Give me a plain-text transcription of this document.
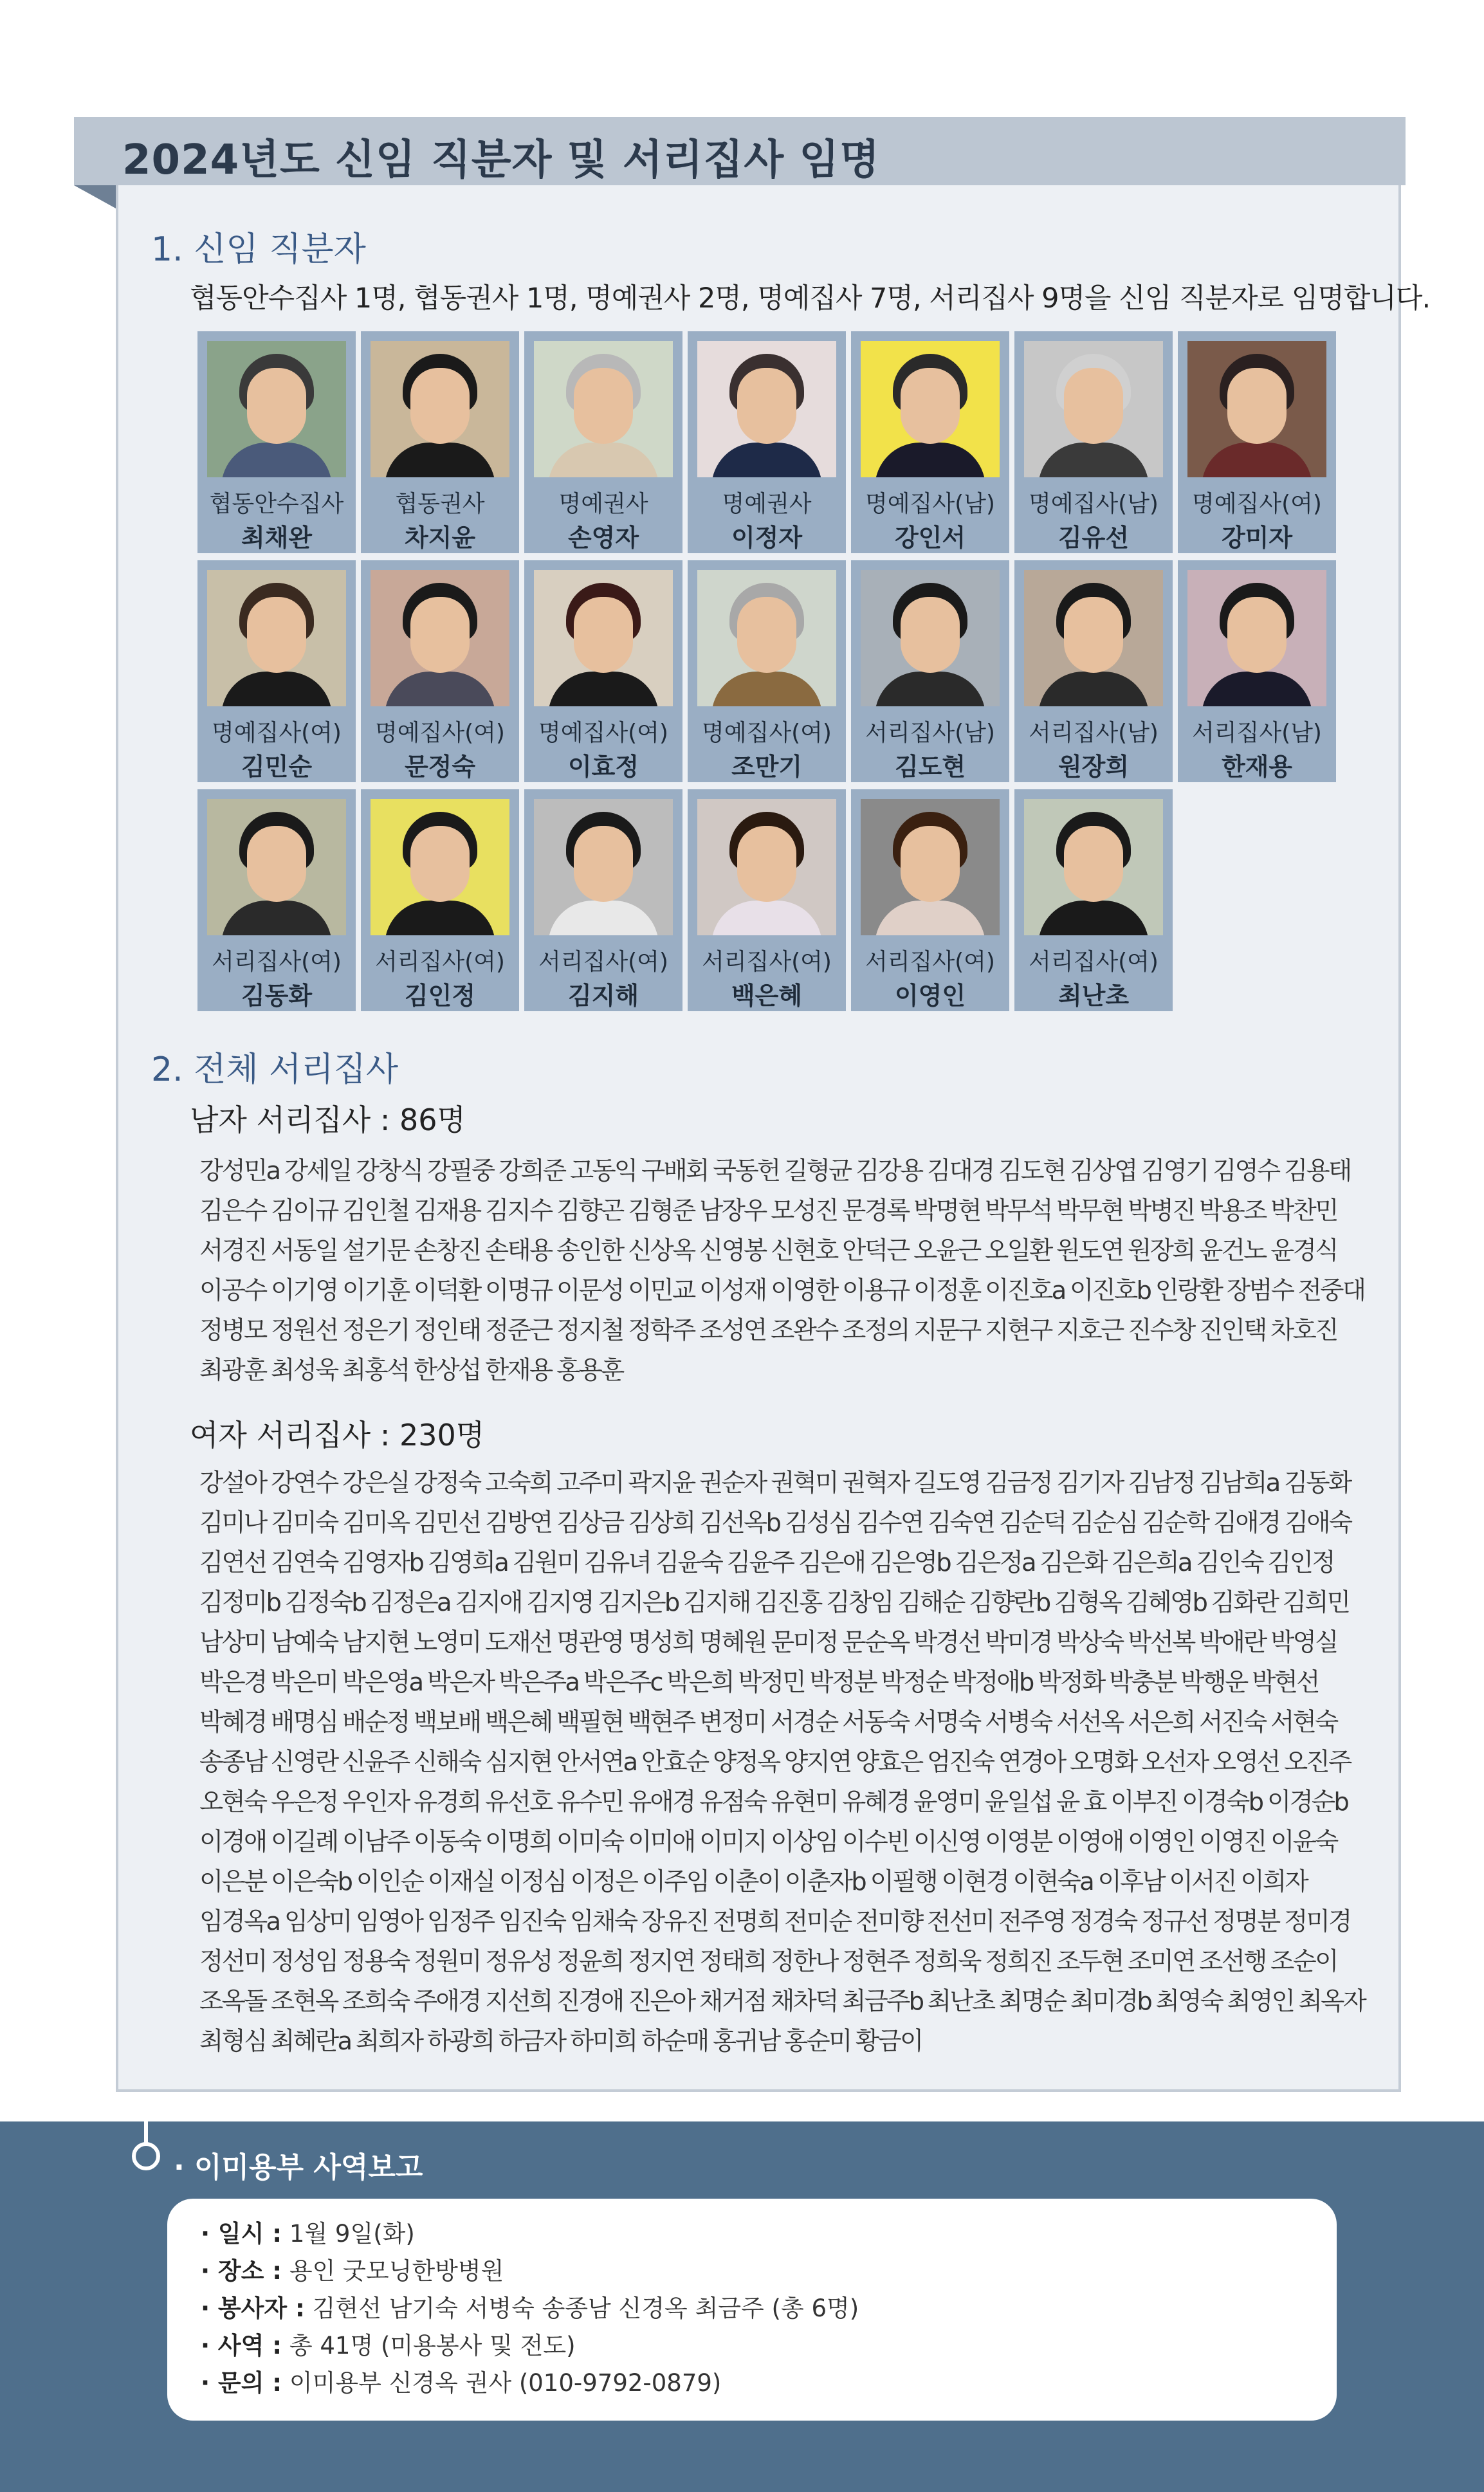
2024년도 신임 직분자 및 서리집사 임명
1. 신임 직분자
협동안수집사 1명, 협동권사 1명, 명예권사 2명, 명예집사 7명, 서리집사 9명을 신임 직분자로 임명합니다.
협동안수집사
최채완
협동권사
차지윤
명예권사
손영자
명예권사
이정자
명예집사(남)
강인서
명예집사(남)
김유선
명예집사(여)
강미자
명예집사(여)
김민순
명예집사(여)
문정숙
명예집사(여)
이효정
명예집사(여)
조만기
서리집사(남)
김도현
서리집사(남)
원장희
서리집사(남)
한재용
서리집사(여)
김동화
서리집사(여)
김인정
서리집사(여)
김지해
서리집사(여)
백은혜
서리집사(여)
이영인
서리집사(여)
최난초
2. 전체 서리집사
남자 서리집사 : 86명
강성민a 강세일 강창식 강필중 강희준 고동익 구배회 국동헌 길형균 김강용 김대경 김도현 김상엽 김영기 김영수 김용태
김은수 김이규 김인철 김재용 김지수 김향곤 김형준 남장우 모성진 문경록 박명현 박무석 박무현 박병진 박용조 박찬민
서경진 서동일 설기문 손창진 손태용 송인한 신상옥 신영봉 신현호 안덕근 오윤근 오일환 원도연 원장희 윤건노 윤경식
이공수 이기영 이기훈 이덕환 이명규 이문성 이민교 이성재 이영한 이용규 이정훈 이진호a 이진호b 인랑환 장범수 전중대
정병모 정원선 정은기 정인태 정준근 정지철 정학주 조성연 조완수 조정의 지문구 지현구 지호근 진수창 진인택 차호진
최광훈 최성욱 최홍석 한상섭 한재용 홍용훈
여자 서리집사 : 230명
강설아 강연수 강은실 강정숙 고숙희 고주미 곽지윤 권순자 권혁미 권혁자 길도영 김금정 김기자 김남정 김남희a 김동화
김미나 김미숙 김미옥 김민선 김방연 김상금 김상희 김선옥b 김성심 김수연 김숙연 김순덕 김순심 김순학 김애경 김애숙
김연선 김연숙 김영자b 김영희a 김원미 김유녀 김윤숙 김윤주 김은애 김은영b 김은정a 김은화 김은희a 김인숙 김인정
김정미b 김정숙b 김정은a 김지애 김지영 김지은b 김지해 김진홍 김창임 김해순 김향란b 김형옥 김혜영b 김화란 김희민
남상미 남예숙 남지현 노영미 도재선 명관영 명성희 명혜원 문미정 문순옥 박경선 박미경 박상숙 박선복 박애란 박영실
박은경 박은미 박은영a 박은자 박은주a 박은주c 박은희 박정민 박정분 박정순 박정애b 박정화 박충분 박행운 박현선
박혜경 배명심 배순정 백보배 백은혜 백필현 백현주 변정미 서경순 서동숙 서명숙 서병숙 서선옥 서은희 서진숙 서현숙
송종남 신영란 신윤주 신해숙 심지현 안서연a 안효순 양정옥 양지연 양효은 엄진숙 연경아 오명화 오선자 오영선 오진주
오현숙 우은정 우인자 유경희 유선호 유수민 유애경 유점숙 유현미 유혜경 윤영미 윤일섭 윤 효 이부진 이경숙b 이경순b
이경애 이길례 이남주 이동숙 이명희 이미숙 이미애 이미지 이상임 이수빈 이신영 이영분 이영애 이영인 이영진 이윤숙
이은분 이은숙b 이인순 이재실 이정심 이정은 이주임 이춘이 이춘자b 이필행 이현경 이현숙a 이후남 이서진 이희자
임경옥a 임상미 임영아 임정주 임진숙 임채숙 장유진 전명희 전미순 전미향 전선미 전주영 정경숙 정규선 정명분 정미경
정선미 정성임 정용숙 정원미 정유성 정윤희 정지연 정태희 정한나 정현주 정희욱 정희진 조두현 조미연 조선행 조순이
조옥돌 조현옥 조희숙 주애경 지선희 진경애 진은아 채거점 채차덕 최금주b 최난초 최명순 최미경b 최영숙 최영인 최옥자
최형심 최혜란a 최희자 하광희 하금자 하미희 하순매 홍귀남 홍순미 황금이
· 이미용부 사역보고
· 일시 : 1월 9일(화)
· 장소 : 용인 굿모닝한방병원
· 봉사자 : 김현선 남기숙 서병숙 송종남 신경옥 최금주 (총 6명)
· 사역 : 총 41명 (미용봉사 및 전도)
· 문의 : 이미용부 신경옥 권사 (010-9792-0879)
